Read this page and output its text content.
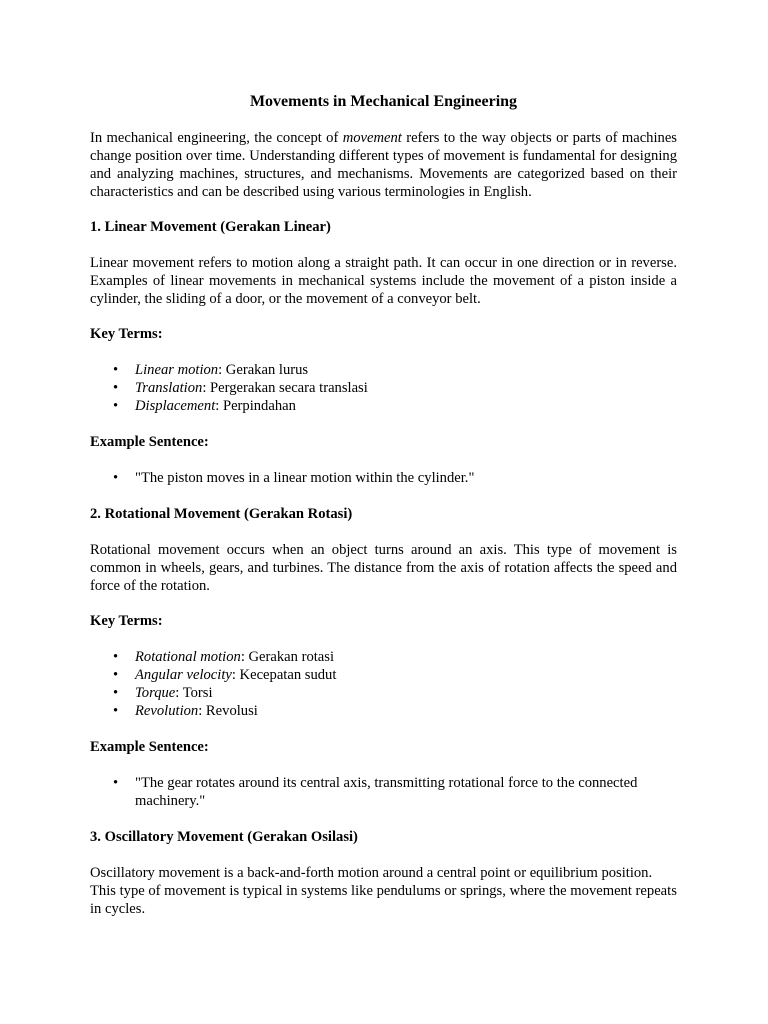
Movements in Mechanical Engineering

In mechanical engineering, the concept of movement refers to the way objects or parts of machines change position over time. Understanding different types of movement is fundamental for designing and analyzing machines, structures, and mechanisms. Movements are categorized based on their characteristics and can be described using various terminologies in English.

1. Linear Movement (Gerakan Linear)

Linear movement refers to motion along a straight path. It can occur in one direction or in reverse. Examples of linear movements in mechanical systems include the movement of a piston inside a cylinder, the sliding of a door, or the movement of a conveyor belt.

Key Terms:
• Linear motion: Gerakan lurus
• Translation: Pergerakan secara translasi
• Displacement: Perpindahan
Example Sentence:
• "The piston moves in a linear motion within the cylinder."
2. Rotational Movement (Gerakan Rotasi)

Rotational movement occurs when an object turns around an axis. This type of movement is common in wheels, gears, and turbines. The distance from the axis of rotation affects the speed and force of the rotation.

Key Terms:
• Rotational motion: Gerakan rotasi
• Angular velocity: Kecepatan sudut
• Torque: Torsi
• Revolution: Revolusi
Example Sentence:
• "The gear rotates around its central axis, transmitting rotational force to the connected machinery."
3. Oscillatory Movement (Gerakan Osilasi)

Oscillatory movement is a back-and-forth motion around a central point or equilibrium position. This type of movement is typical in systems like pendulums or springs, where the movement repeats in cycles.
